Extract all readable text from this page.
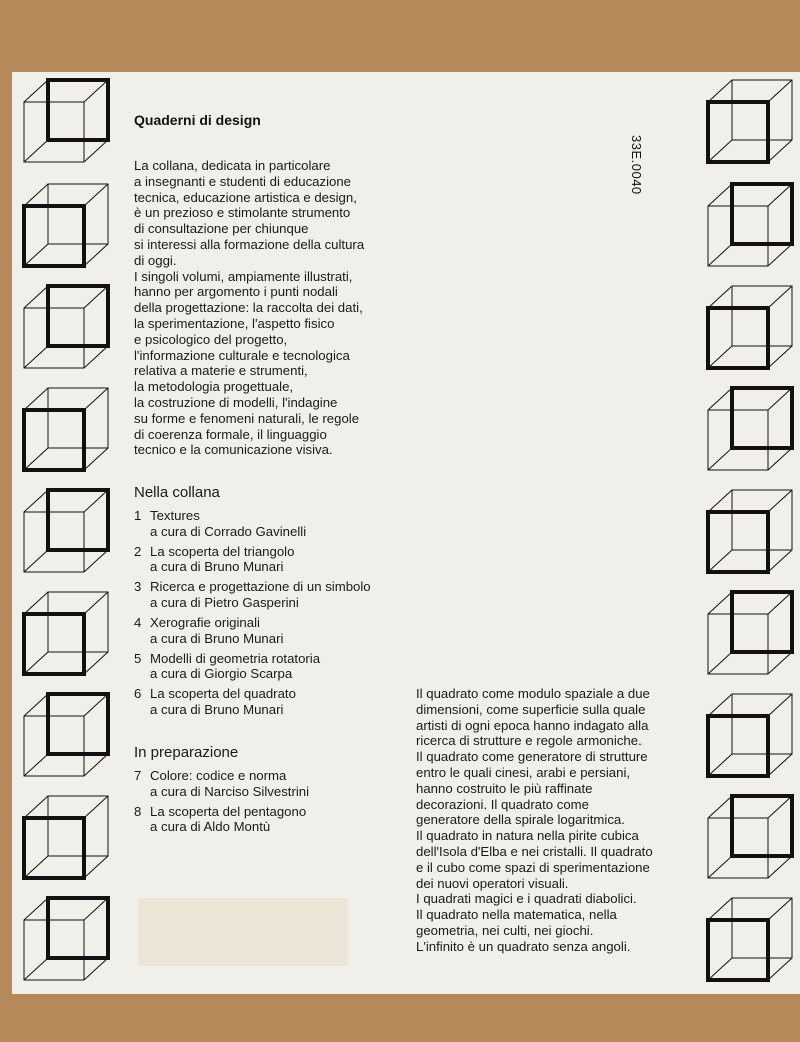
Quaderni di design
33E.0040

La collana, dedicata in particolare

a insegnanti e studenti di educazione

tecnica, educazione artistica e design,

è un prezioso e stimolante strumento

di consultazione per chiunque

si interessi alla formazione della cultura

di oggi.

I singoli volumi, ampiamente illustrati,

hanno per argomento i punti nodali

della progettazione: la raccolta dei dati,

la sperimentazione, l'aspetto fisico

e psicologico del progetto,

l'informazione culturale e tecnologica

relativa a materie e strumenti,

la metodologia progettuale,

la costruzione di modelli, l'indagine

su forme e fenomeni naturali, le regole

di coerenza formale, il linguaggio

tecnico e la comunicazione visiva.

Nella collana
1 Textures
a cura di Corrado Gavinelli
2 La scoperta del triangolo
a cura di Bruno Munari
3 Ricerca e progettazione di un simbolo
a cura di Pietro Gasperini
4 Xerografie originali
a cura di Bruno Munari
5 Modelli di geometria rotatoria
a cura di Giorgio Scarpa
6 La scoperta del quadrato
a cura di Bruno Munari
In preparazione
7 Colore: codice e norma
a cura di Narciso Silvestrini
8 La scoperta del pentagono
a cura di Aldo Montù

Il quadrato come modulo spaziale a due

dimensioni, come superficie sulla quale

artisti di ogni epoca hanno indagato alla

ricerca di strutture e regole armoniche.

Il quadrato come generatore di strutture

entro le quali cinesi, arabi e persiani,

hanno costruito le più raffinate

decorazioni. Il quadrato come

generatore della spirale logaritmica.

Il quadrato in natura nella pirite cubica

dell'Isola d'Elba e nei cristalli. Il quadrato

e il cubo come spazi di sperimentazione

dei nuovi operatori visuali.

I quadrati magici e i quadrati diabolici.

Il quadrato nella matematica, nella

geometria, nei culti, nei giochi.

L'infinito è un quadrato senza angoli.
